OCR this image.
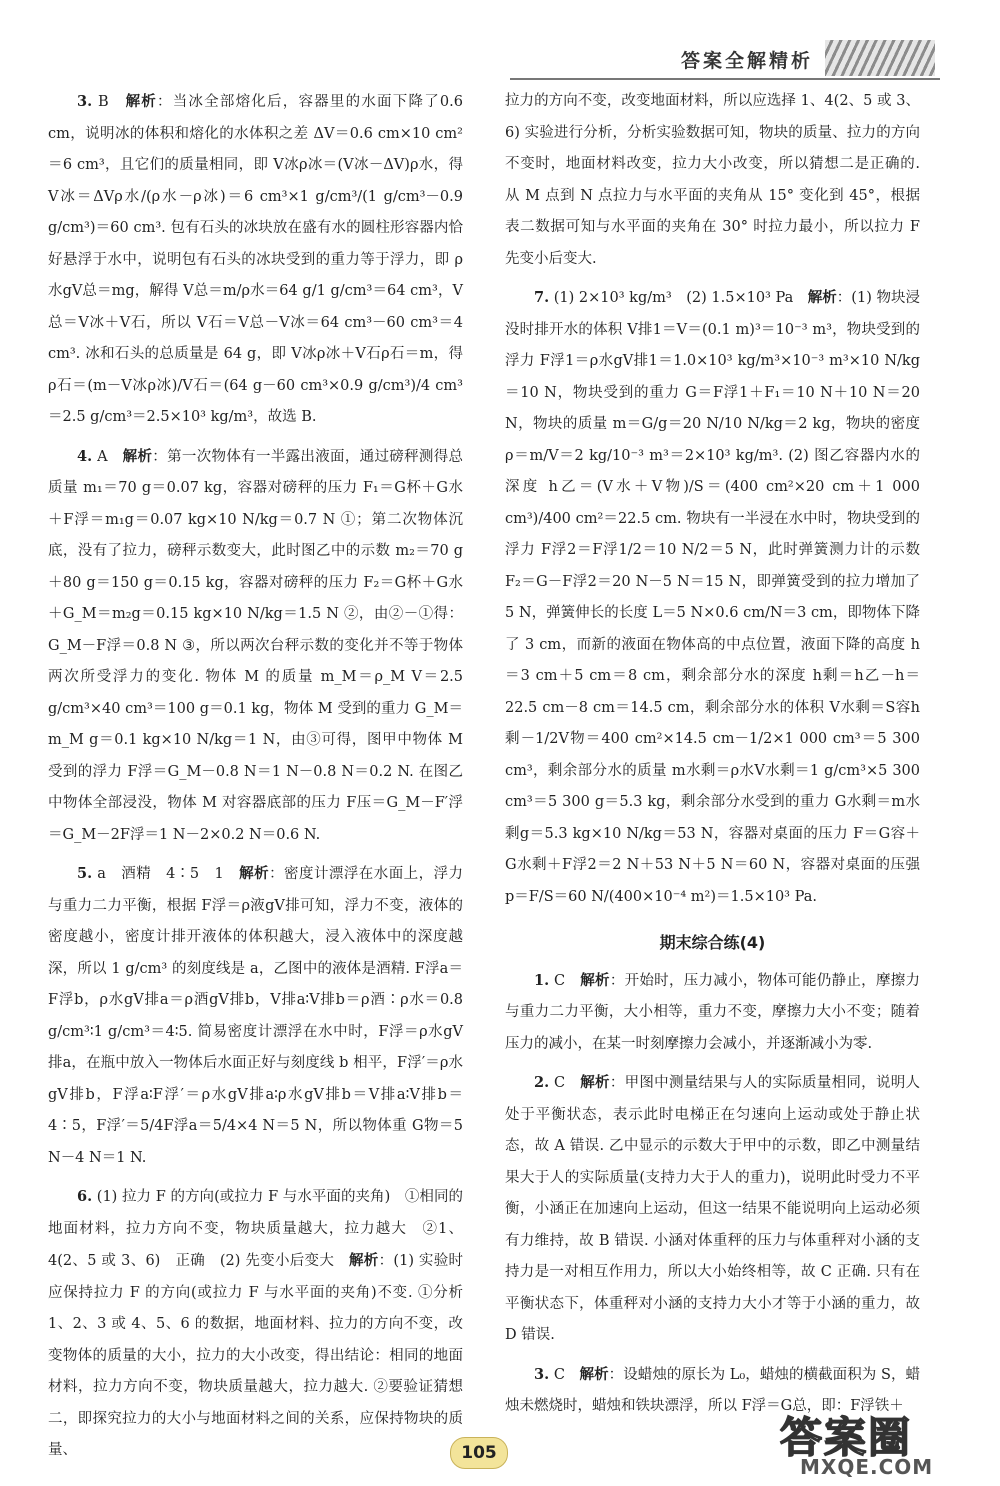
答案全解精析

3. B　 解析：当冰全部熔化后，容器里的水面下降了0.6 cm，说明冰的体积和熔化的水体积之差 ΔV＝0.6 cm×10 cm²＝6 cm³，且它们的质量相同，即 V冰ρ冰＝(V冰－ΔV)ρ水，得 V冰＝ΔVρ水/(ρ水－ρ冰)＝6 cm³×1 g/cm³/(1 g/cm³－0.9 g/cm³)＝60 cm³. 包有石头的冰块放在盛有水的圆柱形容器内恰好悬浮于水中，说明包有石头的冰块受到的重力等于浮力，即 ρ水gV总＝mg，解得 V总＝m/ρ水＝64 g/1 g/cm³＝64 cm³，V总＝V冰＋V石，所以 V石＝V总－V冰＝64 cm³－60 cm³＝4 cm³. 冰和石头的总质量是 64 g，即 V冰ρ冰＋V石ρ石＝m，得 ρ石＝(m－V冰ρ冰)/V石＝(64 g－60 cm³×0.9 g/cm³)/4 cm³＝2.5 g/cm³＝2.5×10³ kg/m³，故选 B.

4. A　 解析：第一次物体有一半露出液面，通过磅秤测得总质量 m₁＝70 g＝0.07 kg，容器对磅秤的压力 F₁＝G杯＋G水＋F浮＝m₁g＝0.07 kg×10 N/kg＝0.7 N ①；第二次物体沉底，没有了拉力，磅秤示数变大，此时图乙中的示数 m₂＝70 g＋80 g＝150 g＝0.15 kg，容器对磅秤的压力 F₂＝G杯＋G水＋G_M＝m₂g＝0.15 kg×10 N/kg＝1.5 N ②，由②－①得：G_M－F浮＝0.8 N ③，所以两次台秤示数的变化并不等于物体两次所受浮力的变化. 物体 M 的质量 m_M＝ρ_M V＝2.5 g/cm³×40 cm³＝100 g＝0.1 kg，物体 M 受到的重力 G_M＝m_M g＝0.1 kg×10 N/kg＝1 N，由③可得，图甲中物体 M 受到的浮力 F浮＝G_M－0.8 N＝1 N－0.8 N＝0.2 N. 在图乙中物体全部浸没，物体 M 对容器底部的压力 F压＝G_M－F′浮＝G_M－2F浮＝1 N－2×0.2 N＝0.6 N.

5. a　酒精　4∶5　1　 解析：密度计漂浮在水面上，浮力与重力二力平衡，根据 F浮＝ρ液gV排可知，浮力不变，液体的密度越小，密度计排开液体的体积越大，浸入液体中的深度越深，所以 1 g/cm³ 的刻度线是 a，乙图中的液体是酒精. F浮a＝F浮b，ρ水gV排a＝ρ酒gV排b，V排a∶V排b＝ρ酒∶ρ水＝0.8 g/cm³∶1 g/cm³＝4∶5. 简易密度计漂浮在水中时，F浮＝ρ水gV排a，在瓶中放入一物体后水面正好与刻度线 b 相平，F浮′＝ρ水gV排b，F浮a∶F浮′＝ρ水gV排a∶ρ水gV排b＝V排a∶V排b＝4∶5，F浮′＝5/4F浮a＝5/4×4 N＝5 N，所以物体重 G物＝5 N－4 N＝1 N.

6. (1) 拉力 F 的方向(或拉力 F 与水平面的夹角)　①相同的地面材料，拉力方向不变，物块质量越大，拉力越大　②1、4(2、5 或 3、6)　正确　(2) 先变小后变大　 解析：(1) 实验时应保持拉力 F 的方向(或拉力 F 与水平面的夹角)不变. ①分析 1、2、3 或 4、5、6 的数据，地面材料、拉力的方向不变，改变物体的质量的大小，拉力的大小改变，得出结论：相同的地面材料，拉力方向不变，物块质量越大，拉力越大. ②要验证猜想二，即探究拉力的大小与地面材料之间的关系，应保持物块的质量、

拉力的方向不变，改变地面材料，所以应选择 1、4(2、5 或 3、6) 实验进行分析，分析实验数据可知，物块的质量、拉力的方向不变时，地面材料改变，拉力大小改变，所以猜想二是正确的. 从 M 点到 N 点拉力与水平面的夹角从 15° 变化到 45°，根据表二数据可知与水平面的夹角在 30° 时拉力最小，所以拉力 F 先变小后变大.

7. (1) 2×10³ kg/m³　(2) 1.5×10³ Pa　 解析：(1) 物块浸没时排开水的体积 V排1＝V＝(0.1 m)³＝10⁻³ m³，物块受到的浮力 F浮1＝ρ水gV排1＝1.0×10³ kg/m³×10⁻³ m³×10 N/kg＝10 N，物块受到的重力 G＝F浮1＋F₁＝10 N＋10 N＝20 N，物块的质量 m＝G/g＝20 N/10 N/kg＝2 kg，物块的密度 ρ＝m/V＝2 kg/10⁻³ m³＝2×10³ kg/m³. (2) 图乙容器内水的深度 h乙＝(V水＋V物)/S＝(400 cm²×20 cm＋1 000 cm³)/400 cm²＝22.5 cm. 物块有一半浸在水中时，物块受到的浮力 F浮2＝F浮1/2＝10 N/2＝5 N，此时弹簧测力计的示数 F₂＝G－F浮2＝20 N－5 N＝15 N，即弹簧受到的拉力增加了 5 N，弹簧伸长的长度 L＝5 N×0.6 cm/N＝3 cm，即物体下降了 3 cm，而新的液面在物体高的中点位置，液面下降的高度 h＝3 cm＋5 cm＝8 cm，剩余部分水的深度 h剩＝h乙－h＝22.5 cm－8 cm＝14.5 cm，剩余部分水的体积 V水剩＝S容h剩－1/2V物＝400 cm²×14.5 cm－1/2×1 000 cm³＝5 300 cm³，剩余部分水的质量 m水剩＝ρ水V水剩＝1 g/cm³×5 300 cm³＝5 300 g＝5.3 kg，剩余部分水受到的重力 G水剩＝m水剩g＝5.3 kg×10 N/kg＝53 N，容器对桌面的压力 F＝G容＋G水剩＋F浮2＝2 N＋53 N＋5 N＝60 N，容器对桌面的压强 p＝F/S＝60 N/(400×10⁻⁴ m²)＝1.5×10³ Pa.

期末综合练(4)

1. C　 解析：开始时，压力减小，物体可能仍静止，摩擦力与重力二力平衡，大小相等，重力不变，摩擦力大小不变；随着压力的减小，在某一时刻摩擦力会减小，并逐渐减小为零.

2. C　 解析：甲图中测量结果与人的实际质量相同，说明人处于平衡状态，表示此时电梯正在匀速向上运动或处于静止状态，故 A 错误. 乙中显示的示数大于甲中的示数，即乙中测量结果大于人的实际质量(支持力大于人的重力)，说明此时受力不平衡，小涵正在加速向上运动，但这一结果不能说明向上运动必须有力维持，故 B 错误. 小涵对体重秤的压力与体重秤对小涵的支持力是一对相互作用力，所以大小始终相等，故 C 正确. 只有在平衡状态下，体重秤对小涵的支持力大小才等于小涵的重力，故 D 错误.

3. C　 解析：设蜡烛的原长为 L₀，蜡烛的横截面积为 S，蜡烛未燃烧时，蜡烛和铁块漂浮，所以 F浮＝G总，即：F浮铁＋

105	答案圈
MXQE.COM
